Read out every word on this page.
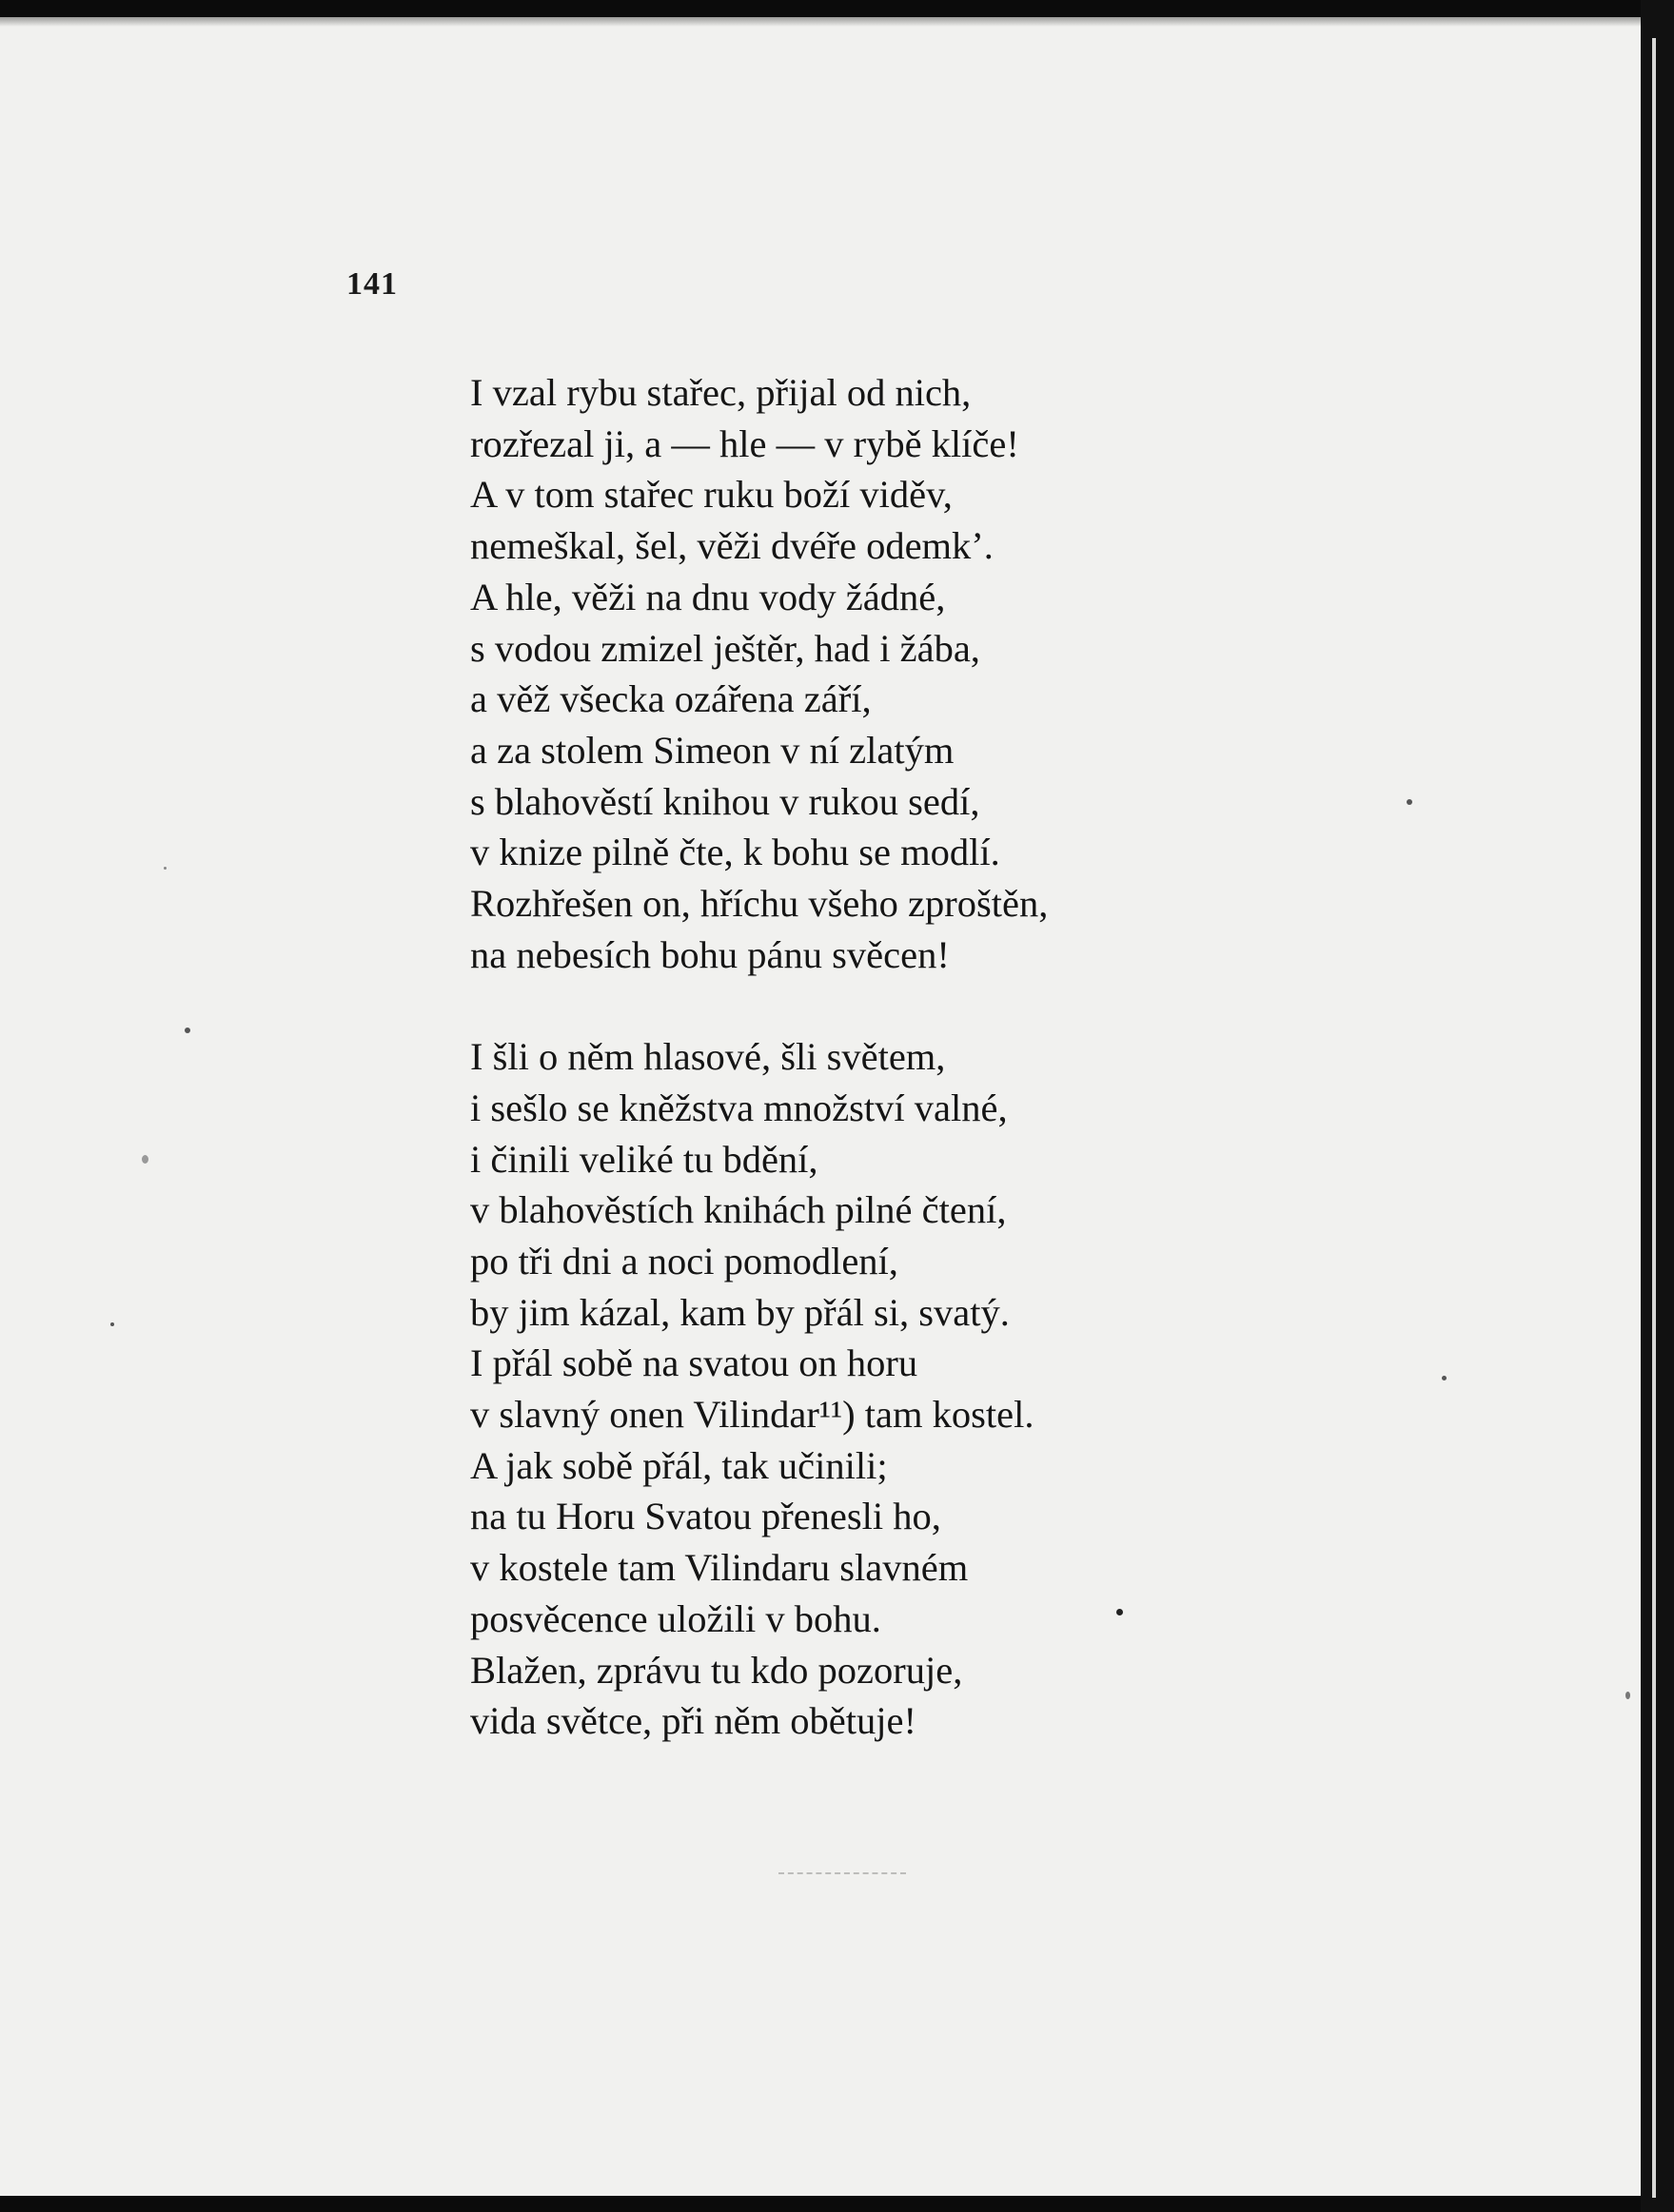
141

I vzal rybu stařec, přijal od nich,
rozřezal ji, a — hle — v rybě klíče!
A v tom stařec ruku boží viděv,
nemeškal, šel, věži dvéře odemk’.
A hle, věži na dnu vody žádné,
s vodou zmizel ještěr, had i žába,
a věž všecka ozářena září,
a za stolem Simeon v ní zlatým
s blahověstí knihou v rukou sedí,
v knize pilně čte, k bohu se modlí.
Rozhřešen on, hříchu všeho zproštěn,
na nebesích bohu pánu svěcen!

I šli o něm hlasové, šli světem,
i sešlo se kněžstva množství valné,
i činili veliké tu bdění,
v blahověstích knihách pilné čtení,
po tři dni a noci pomodlení,
by jim kázal, kam by přál si, svatý.
I přál sobě na svatou on horu
v slavný onen Vilindar¹¹) tam kostel.
A jak sobě přál, tak učinili;
na tu Horu Svatou přenesli ho,
v kostele tam Vilindaru slavném
posvěcence uložili v bohu.
Blažen, zprávu tu kdo pozoruje,
vida světce, při něm obětuje!
